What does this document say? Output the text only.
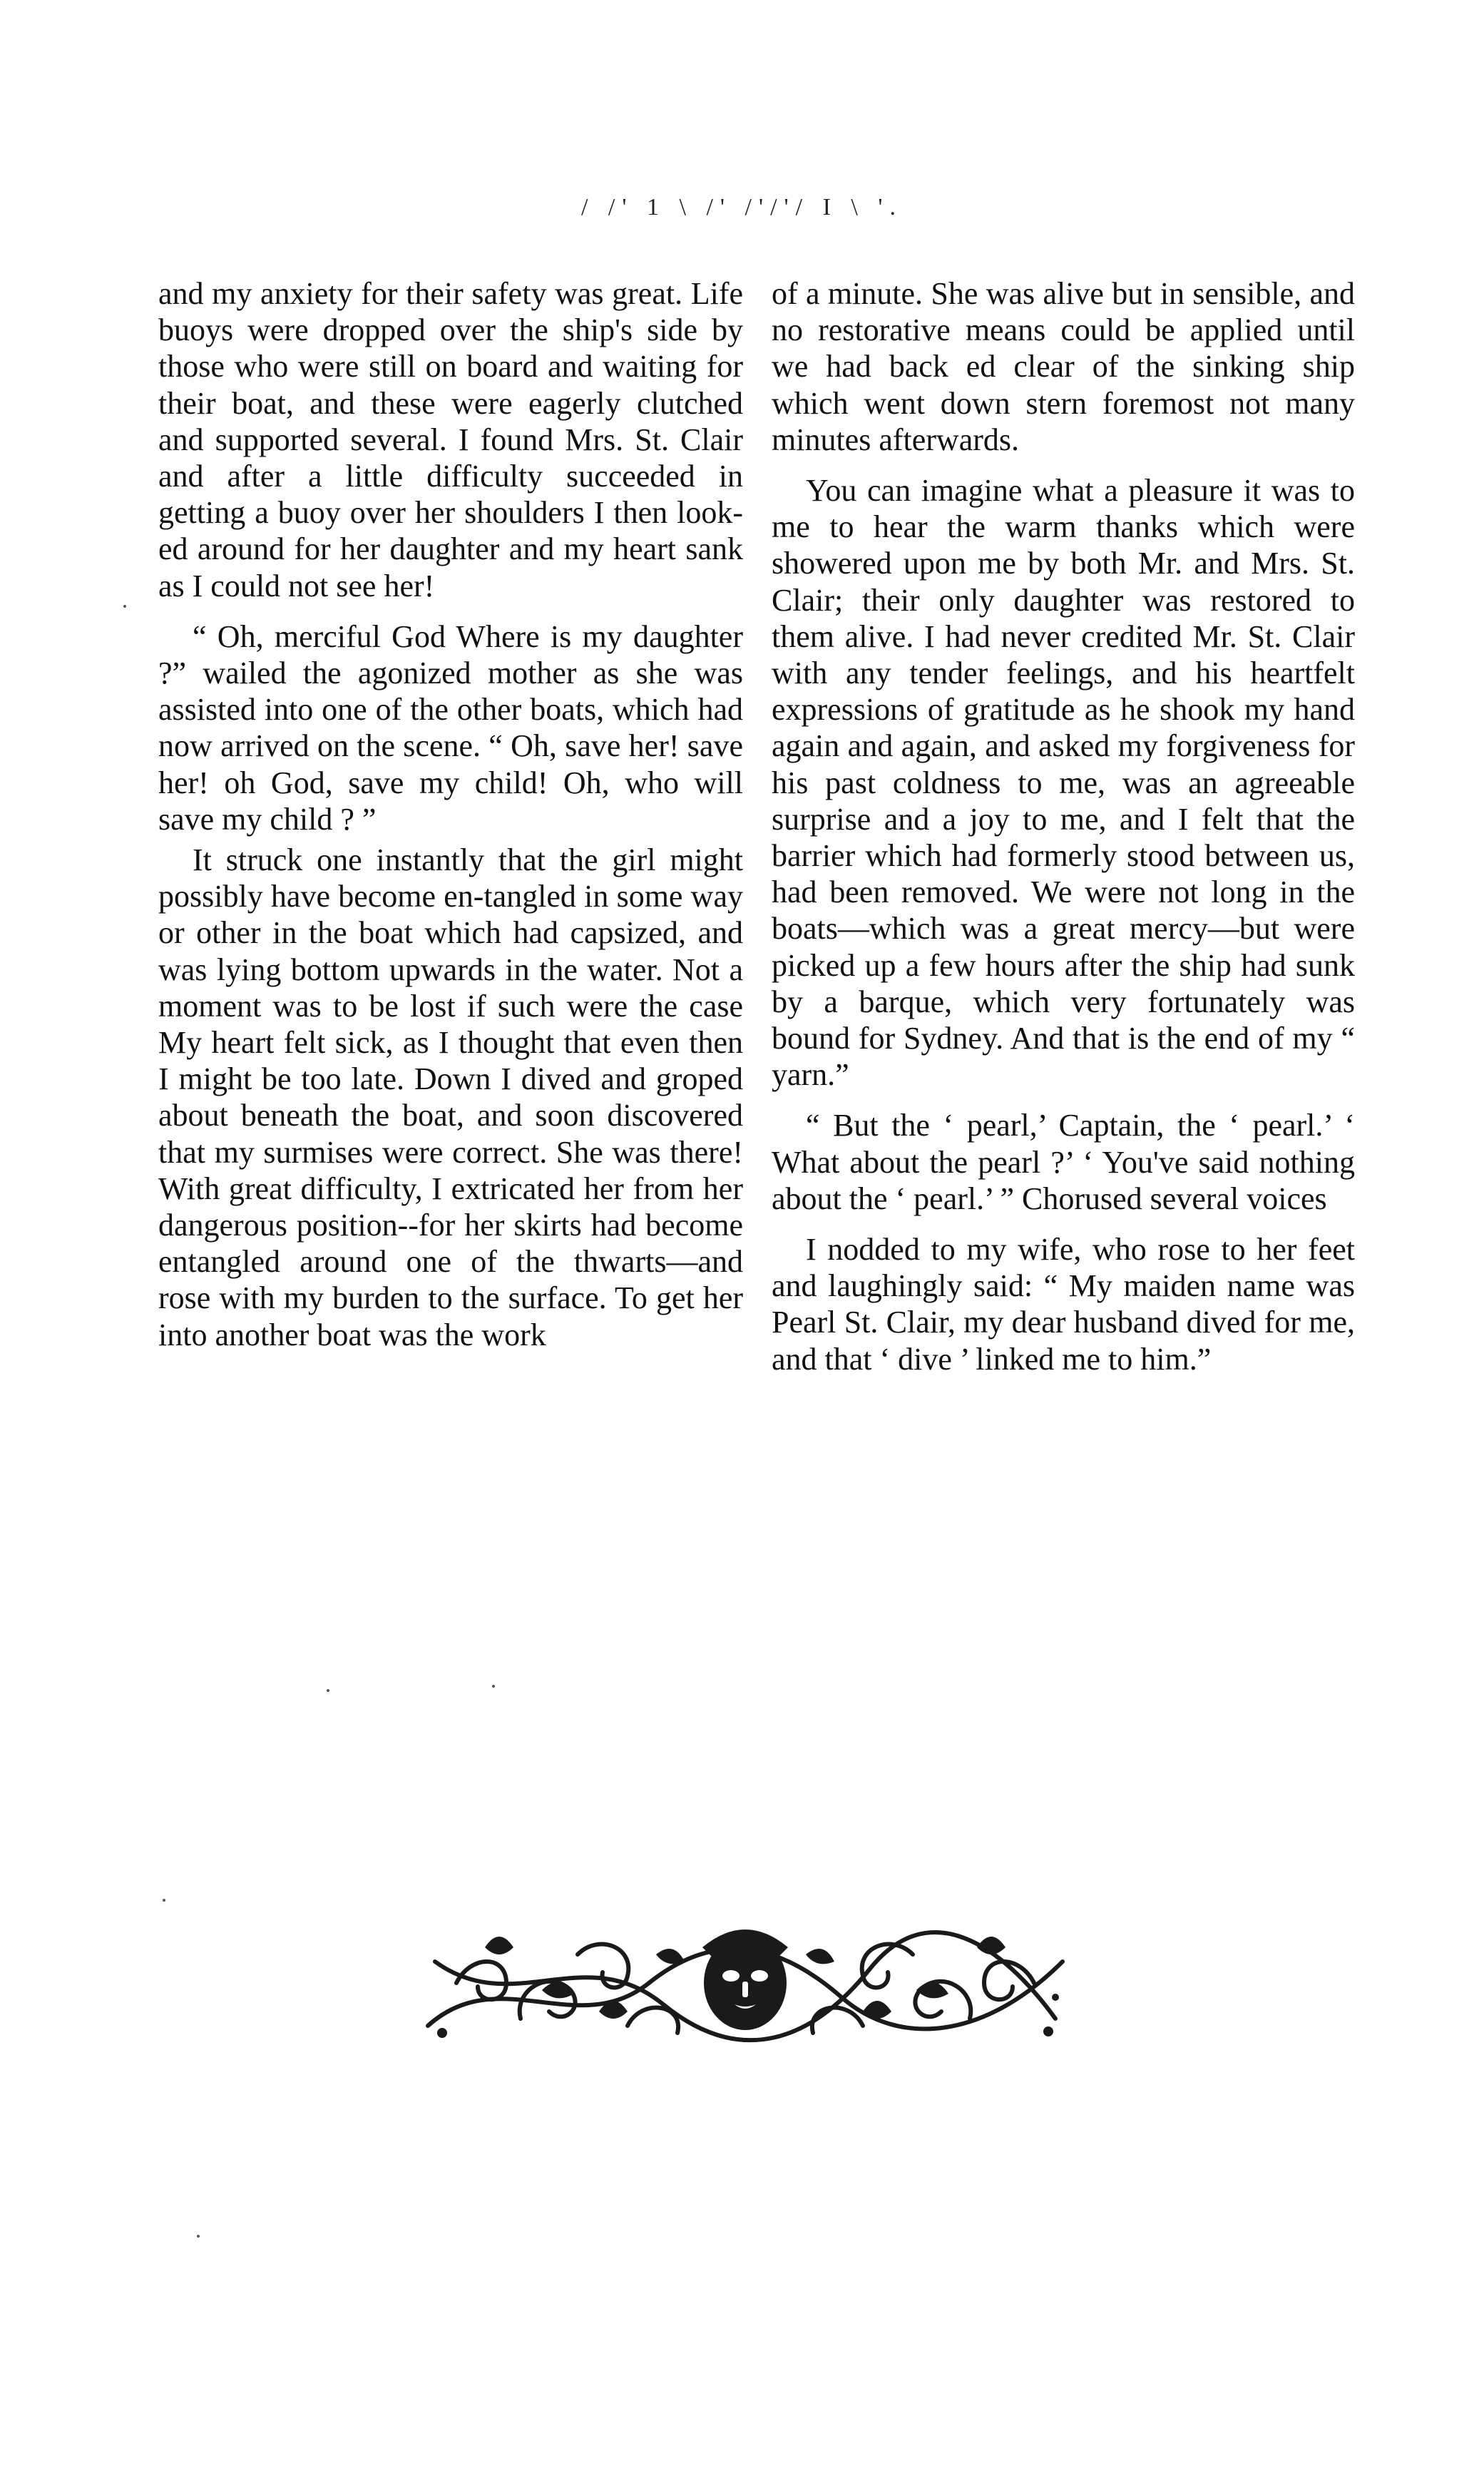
/ /' 1 \ /' /'/'/ I \ '.

and my anxiety for their safety was great. Life buoys were dropped over the ship's side by those who were still on board and waiting for their boat, and these were eagerly clutched and supported several. I found Mrs. St. Clair and after a little difficulty succeeded in getting a buoy over her shoulders I then look-ed around for her daughter and my heart sank as I could not see her!

“ Oh, merciful God Where is my daughter ?” wailed the agonized mother as she was assisted into one of the other boats, which had now arrived on the scene. “ Oh, save her! save her! oh God, save my child! Oh, who will save my child ? ”

It struck one instantly that the girl might possibly have become en-tangled in some way or other in the boat which had capsized, and was lying bottom upwards in the water. Not a moment was to be lost if such were the case My heart felt sick, as I thought that even then I might be too late. Down I dived and groped about beneath the boat, and soon discovered that my surmises were correct. She was there! With great difficulty, I extricated her from her dangerous position--for her skirts had become entangled around one of the thwarts—and rose with my burden to the surface. To get her into another boat was the work

of a minute. She was alive but in sensible, and no restorative means could be applied until we had back ed clear of the sinking ship which went down stern foremost not many minutes afterwards.

You can imagine what a pleasure it was to me to hear the warm thanks which were showered upon me by both Mr. and Mrs. St. Clair; their only daughter was restored to them alive. I had never credited Mr. St. Clair with any tender feelings, and his heartfelt expressions of gratitude as he shook my hand again and again, and asked my forgiveness for his past coldness to me, was an agreeable surprise and a joy to me, and I felt that the barrier which had formerly stood between us, had been removed. We were not long in the boats—which was a great mercy—but were picked up a few hours after the ship had sunk by a barque, which very fortunately was bound for Sydney. And that is the end of my “ yarn.”

“ But the ‘ pearl,’ Captain, the ‘ pearl.’ ‘ What about the pearl ?’ ‘ You've said nothing about the ‘ pearl.’ ” Chorused several voices

I nodded to my wife, who rose to her feet and laughingly said: “ My maiden name was Pearl St. Clair, my dear husband dived for me, and that ‘ dive ’ linked me to him.”
